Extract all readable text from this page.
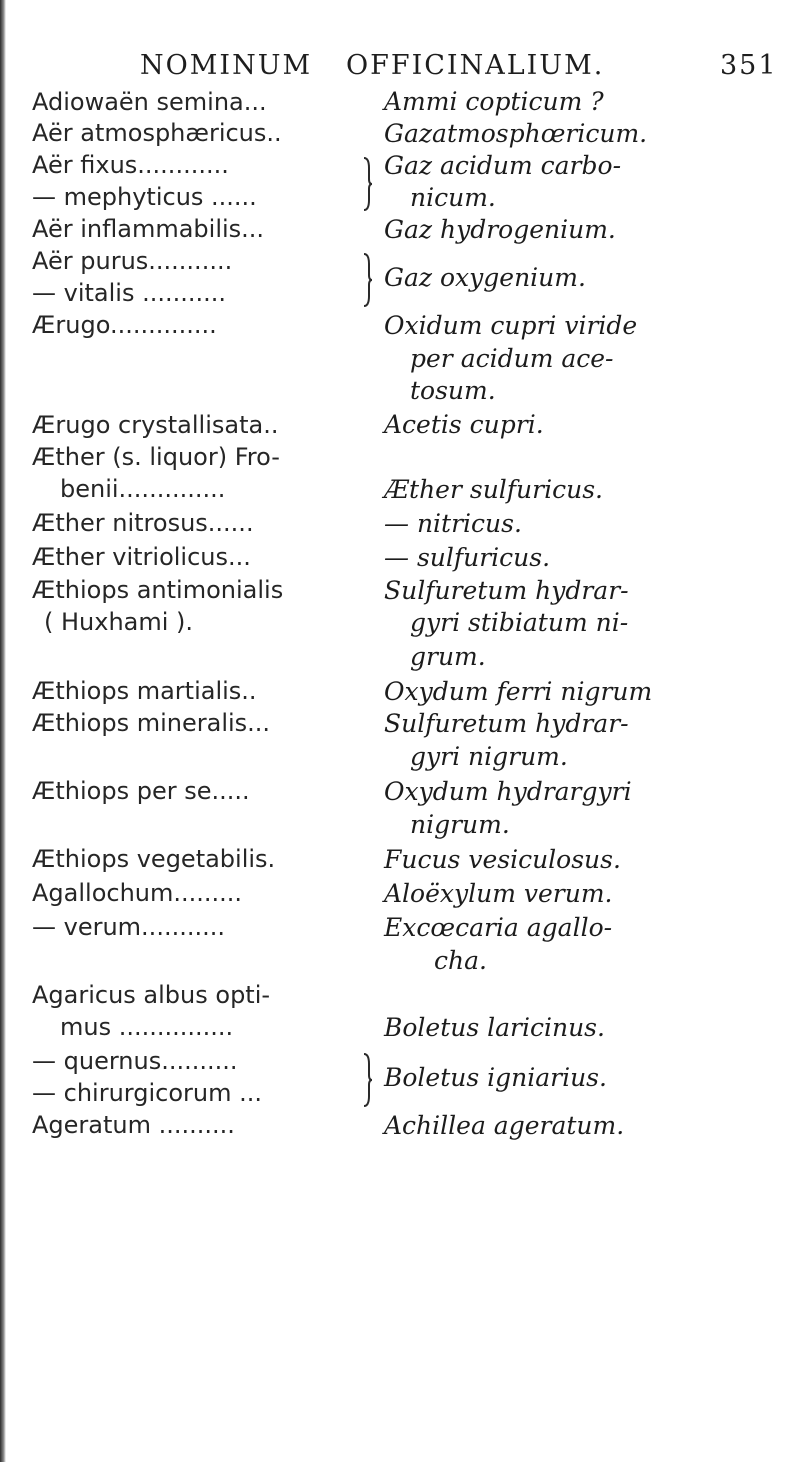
NOMINUM OFFICINALIUM.	351
Adiowaën semina...
Aër atmosphæricus..
Aër fixus............
— mephyticus ......
Aër inflammabilis...
Aër purus...........
— vitalis ...........
Ærugo..............
Ærugo crystallisata..
Æther (s. liquor) Fro-
benii..............
Æther nitrosus......
Æther vitriolicus...
Æthiops antimonialis
( Huxhami ).
Æthiops martialis..
Æthiops mineralis...
Æthiops per se.....
Æthiops vegetabilis.
Agallochum.........
— verum...........
Agaricus albus opti-
mus ...............
— quernus..........
— chirurgicorum ...
Ageratum ..........
Ammi copticum ?
Gazatmosphœricum.
Gaz acidum carbo-
nicum.
Gaz hydrogenium.
Gaz oxygenium.
Oxidum cupri viride
per acidum ace-
tosum.
Acetis cupri.
Æther sulfuricus.
— nitricus.
— sulfuricus.
Sulfuretum hydrar-
gyri stibiatum ni-
grum.
Oxydum ferri nigrum
Sulfuretum hydrar-
gyri nigrum.
Oxydum hydrargyri
nigrum.
Fucus vesiculosus.
Aloëxylum verum.
Excœcaria agallo-
cha.
Boletus laricinus.
Boletus igniarius.
Achillea ageratum.
